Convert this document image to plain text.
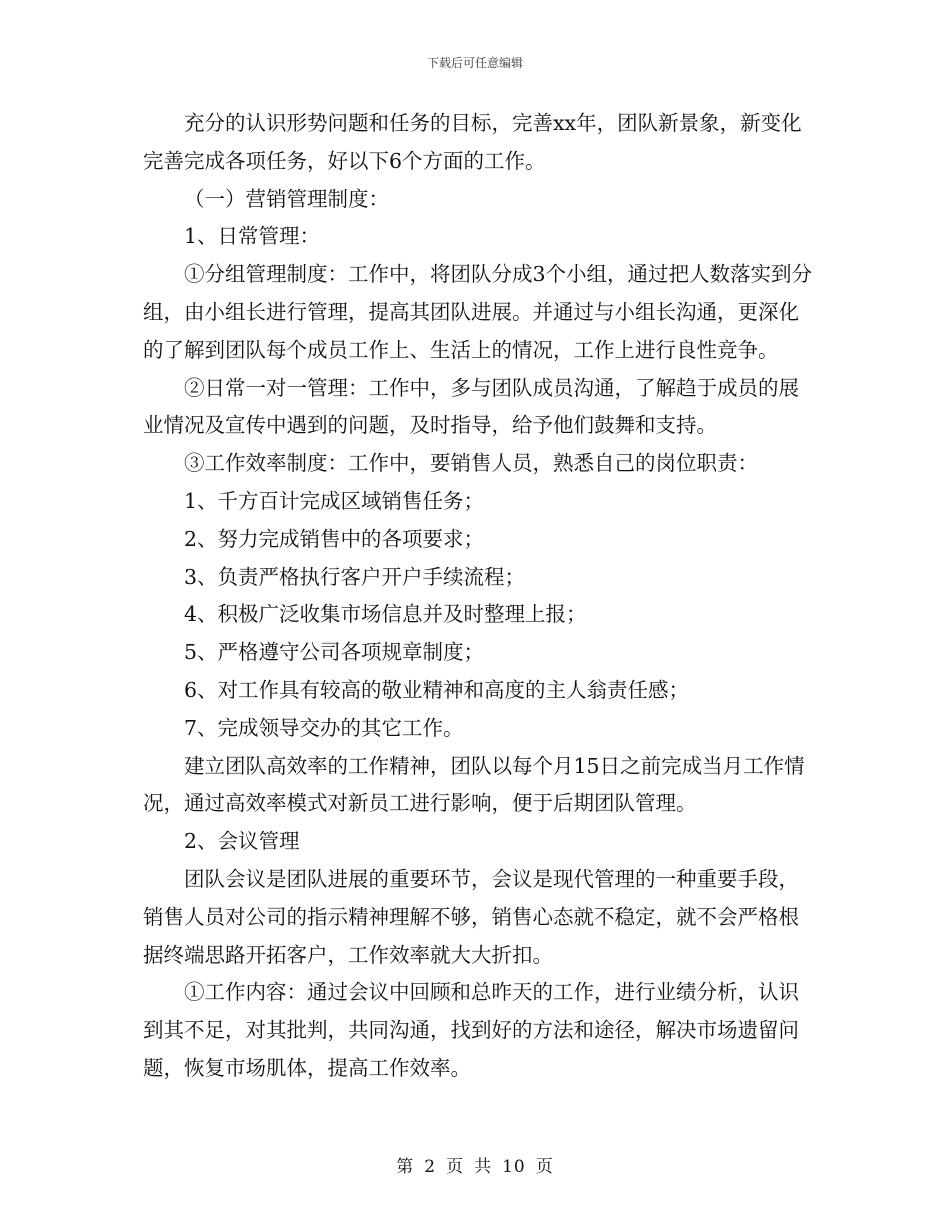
下载后可任意编辑

充分的认识形势问题和任务的目标，完善xx年，团队新景象，新变化完善完成各项任务，好以下6个方面的工作。

（一）营销管理制度：

1、日常管理：

①分组管理制度：工作中，将团队分成3个小组，通过把人数落实到分组，由小组长进行管理，提高其团队进展。并通过与小组长沟通，更深化的了解到团队每个成员工作上、生活上的情况，工作上进行良性竞争。

②日常一对一管理：工作中，多与团队成员沟通，了解趋于成员的展业情况及宣传中遇到的问题，及时指导，给予他们鼓舞和支持。

③工作效率制度：工作中，要销售人员，熟悉自己的岗位职责：

1、千方百计完成区域销售任务；

2、努力完成销售中的各项要求；

3、负责严格执行客户开户手续流程；

4、积极广泛收集市场信息并及时整理上报；

5、严格遵守公司各项规章制度；

6、对工作具有较高的敬业精神和高度的主人翁责任感；

7、完成领导交办的其它工作。

建立团队高效率的工作精神，团队以每个月15日之前完成当月工作情况，通过高效率模式对新员工进行影响，便于后期团队管理。

2、会议管理

团队会议是团队进展的重要环节，会议是现代管理的一种重要手段，销售人员对公司的指示精神理解不够，销售心态就不稳定，就不会严格根据终端思路开拓客户，工作效率就大大折扣。

①工作内容：通过会议中回顾和总昨天的工作，进行业绩分析，认识到其不足，对其批判，共同沟通，找到好的方法和途径，解决市场遗留问题，恢复市场肌体，提高工作效率。

第 2 页 共 10 页
